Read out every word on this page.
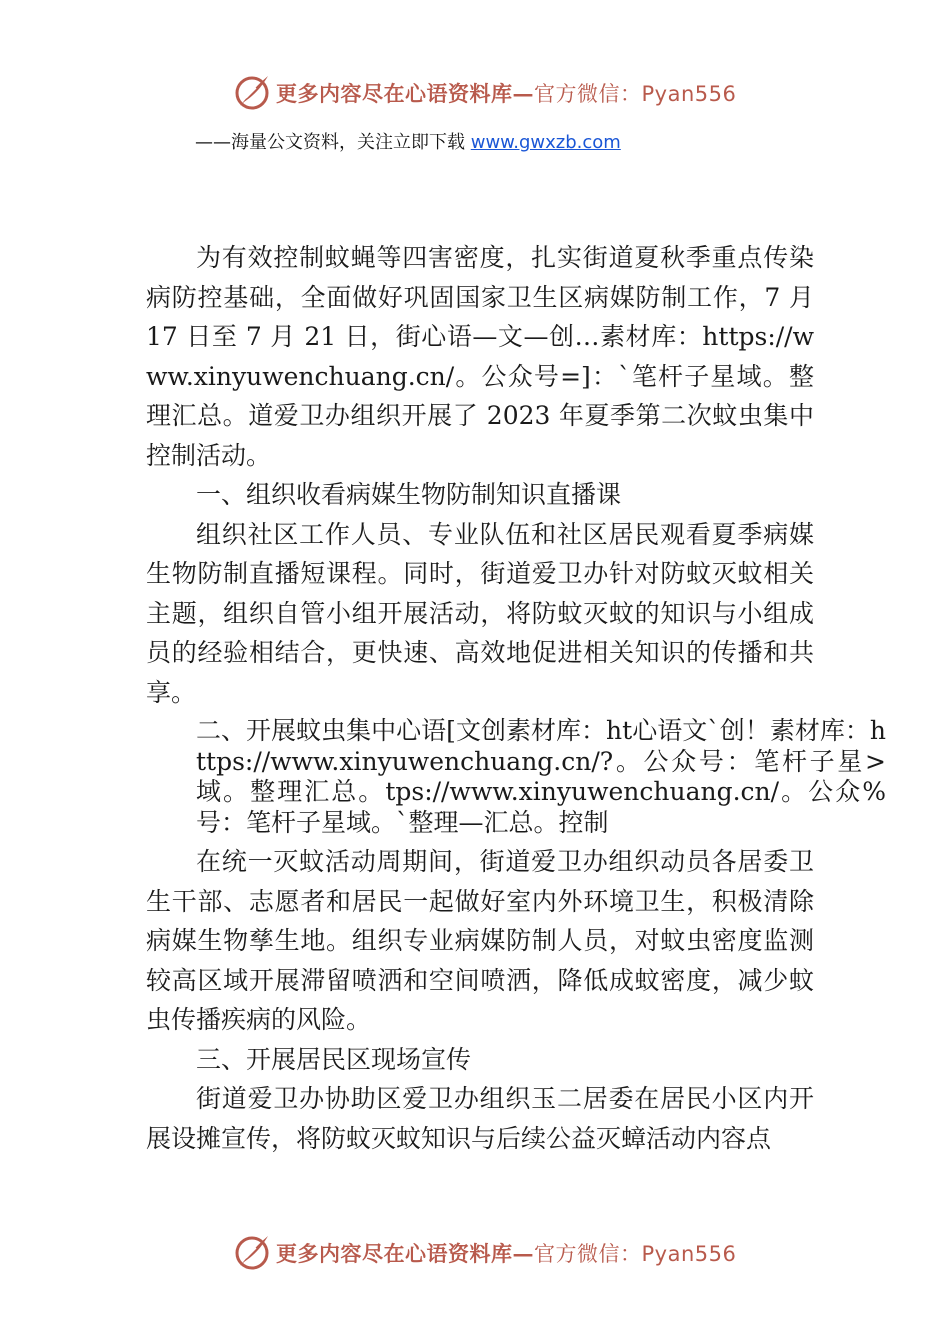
更多内容尽在心语资料库—官方微信：Pyan556
——海量公文资料，关注立即下载 www.gwxzb.com

为有效控制蚊蝇等四害密度，扎实街道夏秋季重点传染病防控基础，全面做好巩固国家卫生区病媒防制工作，7 月 17 日至 7 月 21 日，街心语—文—创…素材库：https://www.xinyuwenchuang.cn/。公众号=]：`笔杆子星域。整理汇总。道爱卫办组织开展了 2023 年夏季第二次蚊虫集中控制活动。

一、组织收看病媒生物防制知识直播课

组织社区工作人员、专业队伍和社区居民观看夏季病媒生物防制直播短课程。同时，街道爱卫办针对防蚊灭蚊相关主题，组织自管小组开展活动，将防蚊灭蚊的知识与小组成员的经验相结合，更快速、高效地促进相关知识的传播和共享。

二、开展蚊虫集中心语[文创素材库：ht心语文`创！素材库：https://www.xinyuwenchuang.cn/?。公众号：笔杆子星>域。整理汇总。tps://www.xinyuwenchuang.cn/。公众%号：笔杆子星域。`整理—汇总。控制

在统一灭蚊活动周期间，街道爱卫办组织动员各居委卫生干部、志愿者和居民一起做好室内外环境卫生，积极清除病媒生物孳生地。组织专业病媒防制人员，对蚊虫密度监测较高区域开展滞留喷洒和空间喷洒，降低成蚊密度，减少蚊虫传播疾病的风险。

三、开展居民区现场宣传

街道爱卫办协助区爱卫办组织玉二居委在居民小区内开展设摊宣传，将防蚊灭蚊知识与后续公益灭蟑活动内容点

更多内容尽在心语资料库—官方微信：Pyan556
